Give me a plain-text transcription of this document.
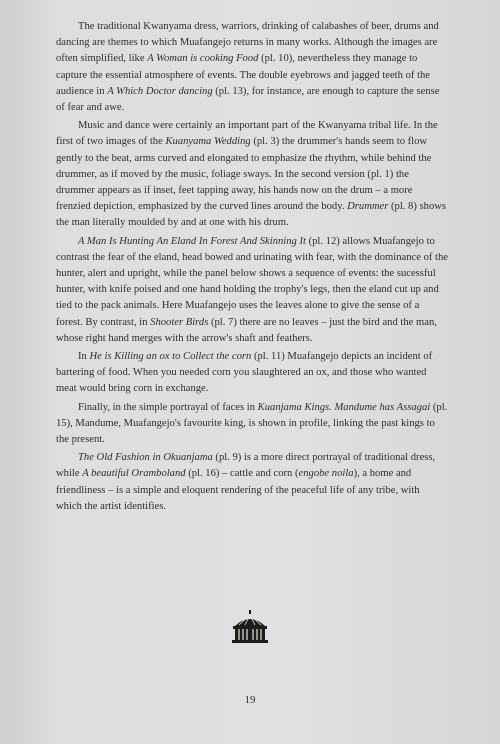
The traditional Kwanyama dress, warriors, drinking of calabashes of beer, drums and dancing are themes to which Muafangejo returns in many works. Although the images are often simplified, like A Woman is cooking Food (pl. 10), nevertheless they manage to capture the essential atmosphere of events. The double eyebrows and jagged teeth of the audience in A Which Doctor dancing (pl. 13), for instance, are enough to capture the sense of fear and awe.

Music and dance were certainly an important part of the Kwanyama tribal life. In the first of two images of the Kuanyama Wedding (pl. 3) the drummer's hands seem to flow gently to the beat, arms curved and elongated to emphasize the rhythm, while behind the drummer, as if moved by the music, foliage sways. In the second version (pl. 1) the drummer appears as if inset, feet tapping away, his hands now on the drum – a more frenzied depiction, emphasized by the curved lines around the body. Drummer (pl. 8) shows the man literally moulded by and at one with his drum.

A Man Is Hunting An Eland In Forest And Skinning It (pl. 12) allows Muafangejo to contrast the fear of the eland, head bowed and urinating with fear, with the dominance of the hunter, alert and upright, while the panel below shows a sequence of events: the sucessful hunter, with knife poised and one hand holding the trophy's legs, then the eland cut up and tied to the pack animals. Here Muafangejo uses the leaves alone to give the sense of a forest. By contrast, in Shooter Birds (pl. 7) there are no leaves – just the bird and the man, whose right hand merges with the arrow's shaft and feathers.

In He is Killing an ox to Collect the corn (pl. 11) Muafangejo depicts an incident of bartering of food. When you needed corn you slaughtered an ox, and those who wanted meat would bring corn in exchange.

Finally, in the simple portrayal of faces in Kuanjama Kings. Mandume has Assagai (pl. 15), Mandume, Muafangejo's favourite king, is shown in profile, linking the past kings to the present.

The Old Fashion in Okuanjama (pl. 9) is a more direct portrayal of traditional dress, while A beautiful Oramboland (pl. 16) – cattle and corn (engobe noila), a home and friendliness – is a simple and eloquent rendering of the peaceful life of any tribe, with which the artist identifies.

19
